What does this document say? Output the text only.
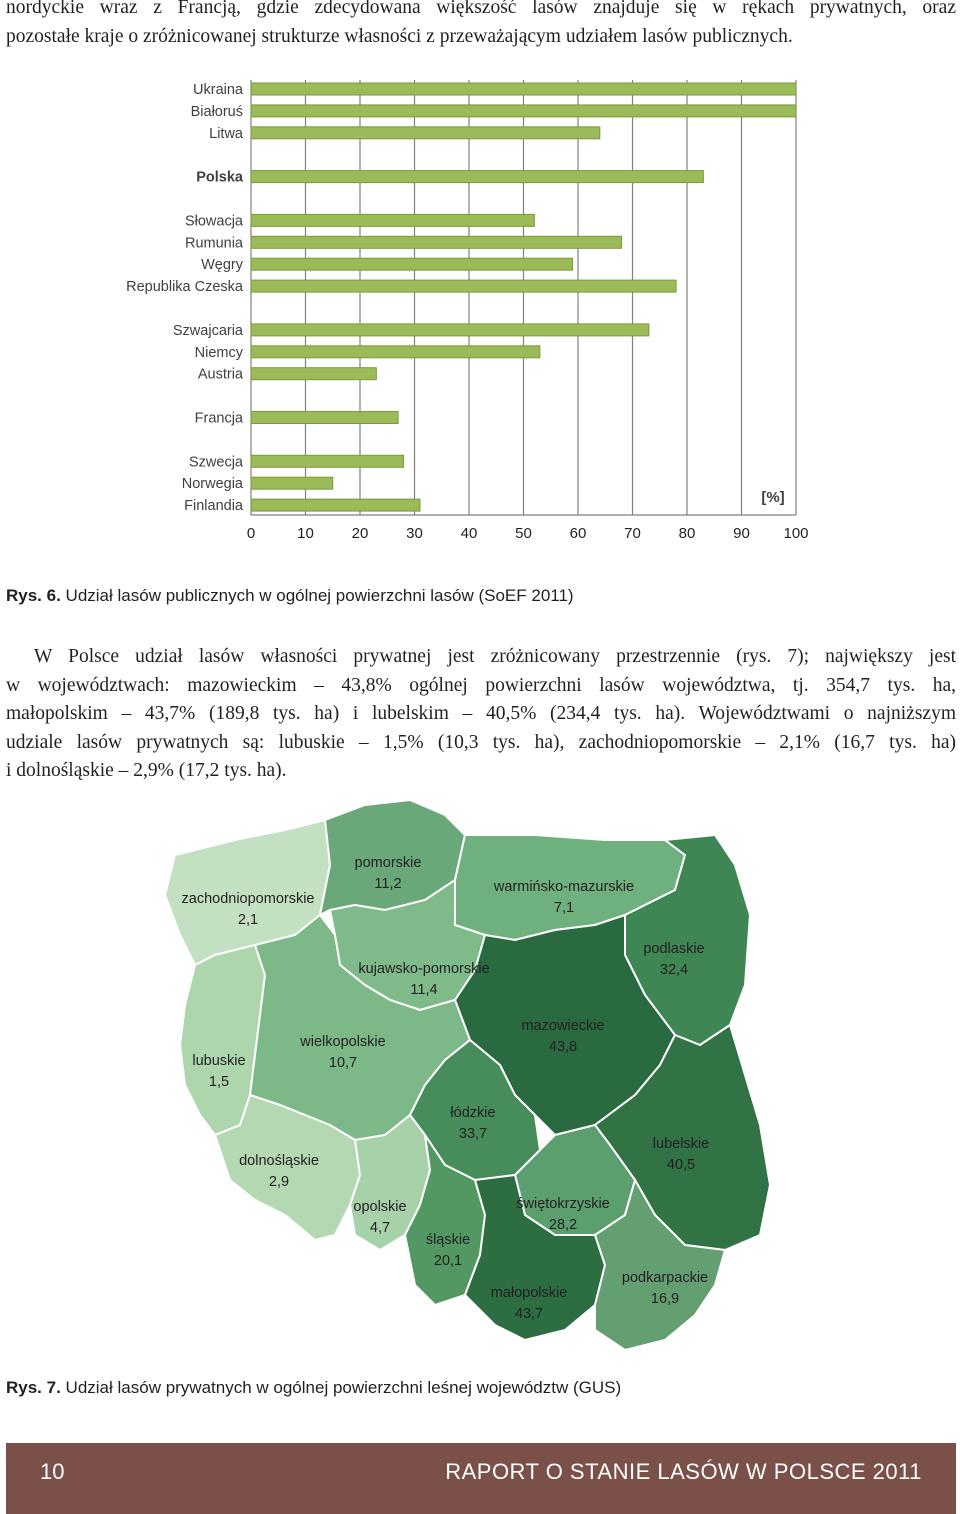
nordyckie wraz z Francją, gdzie zdecydowana większość lasów znajduje się w rękach prywatnych, oraz
pozostałe kraje o zróżnicowanej strukturze własności z przeważającym udziałem lasów publicznych.
0	10	20	30	40	50	60	70	80	90 100
Ukraina
Białoruś
Litwa
Polska
Słowacja
Rumunia
Węgry
Republika Czeska
Szwajcaria
Niemcy
Austria
Francja
Szwecja
Norwegia
Finlandia
[%]
Rys. 6. Udział lasów publicznych w ogólnej powierzchni lasów (SoEF 2011)
W Polsce udział lasów własności prywatnej jest zróżnicowany przestrzennie (rys. 7); największy jest
w województwach: mazowieckim – 43,8% ogólnej powierzchni lasów województwa, tj. 354,7 tys. ha,
małopolskim – 43,7% (189,8 tys. ha) i lubelskim – 40,5% (234,4 tys. ha). Województwami o najniższym
udziale lasów prywatnych są: lubuskie – 1,5% (10,3 tys. ha), zachodniopomorskie – 2,1% (16,7 tys. ha)
i dolnośląskie – 2,9% (17,2 tys. ha).
zachodniopomorskie
2,1
pomorskie
11,2	warmińsko-mazurskie
7,1
podlaskie
32,4
kujawsko-pomorskie
11,4
mazowieckie
43,8
lubuskie
1,5
wielkopolskie
10,7
łódzkie
33,7
lubelskie
40,5
dolnośląskie
2,9
opolskie
4,7
świętokrzyskie
28,2
śląskie
20,1
małopolskie
43,7
podkarpackie
16,9
Rys. 7. Udział lasów prywatnych w ogólnej powierzchni leśnej województw (GUS)
10	RAPORT O STANIE LASÓW W POLSCE 2011
